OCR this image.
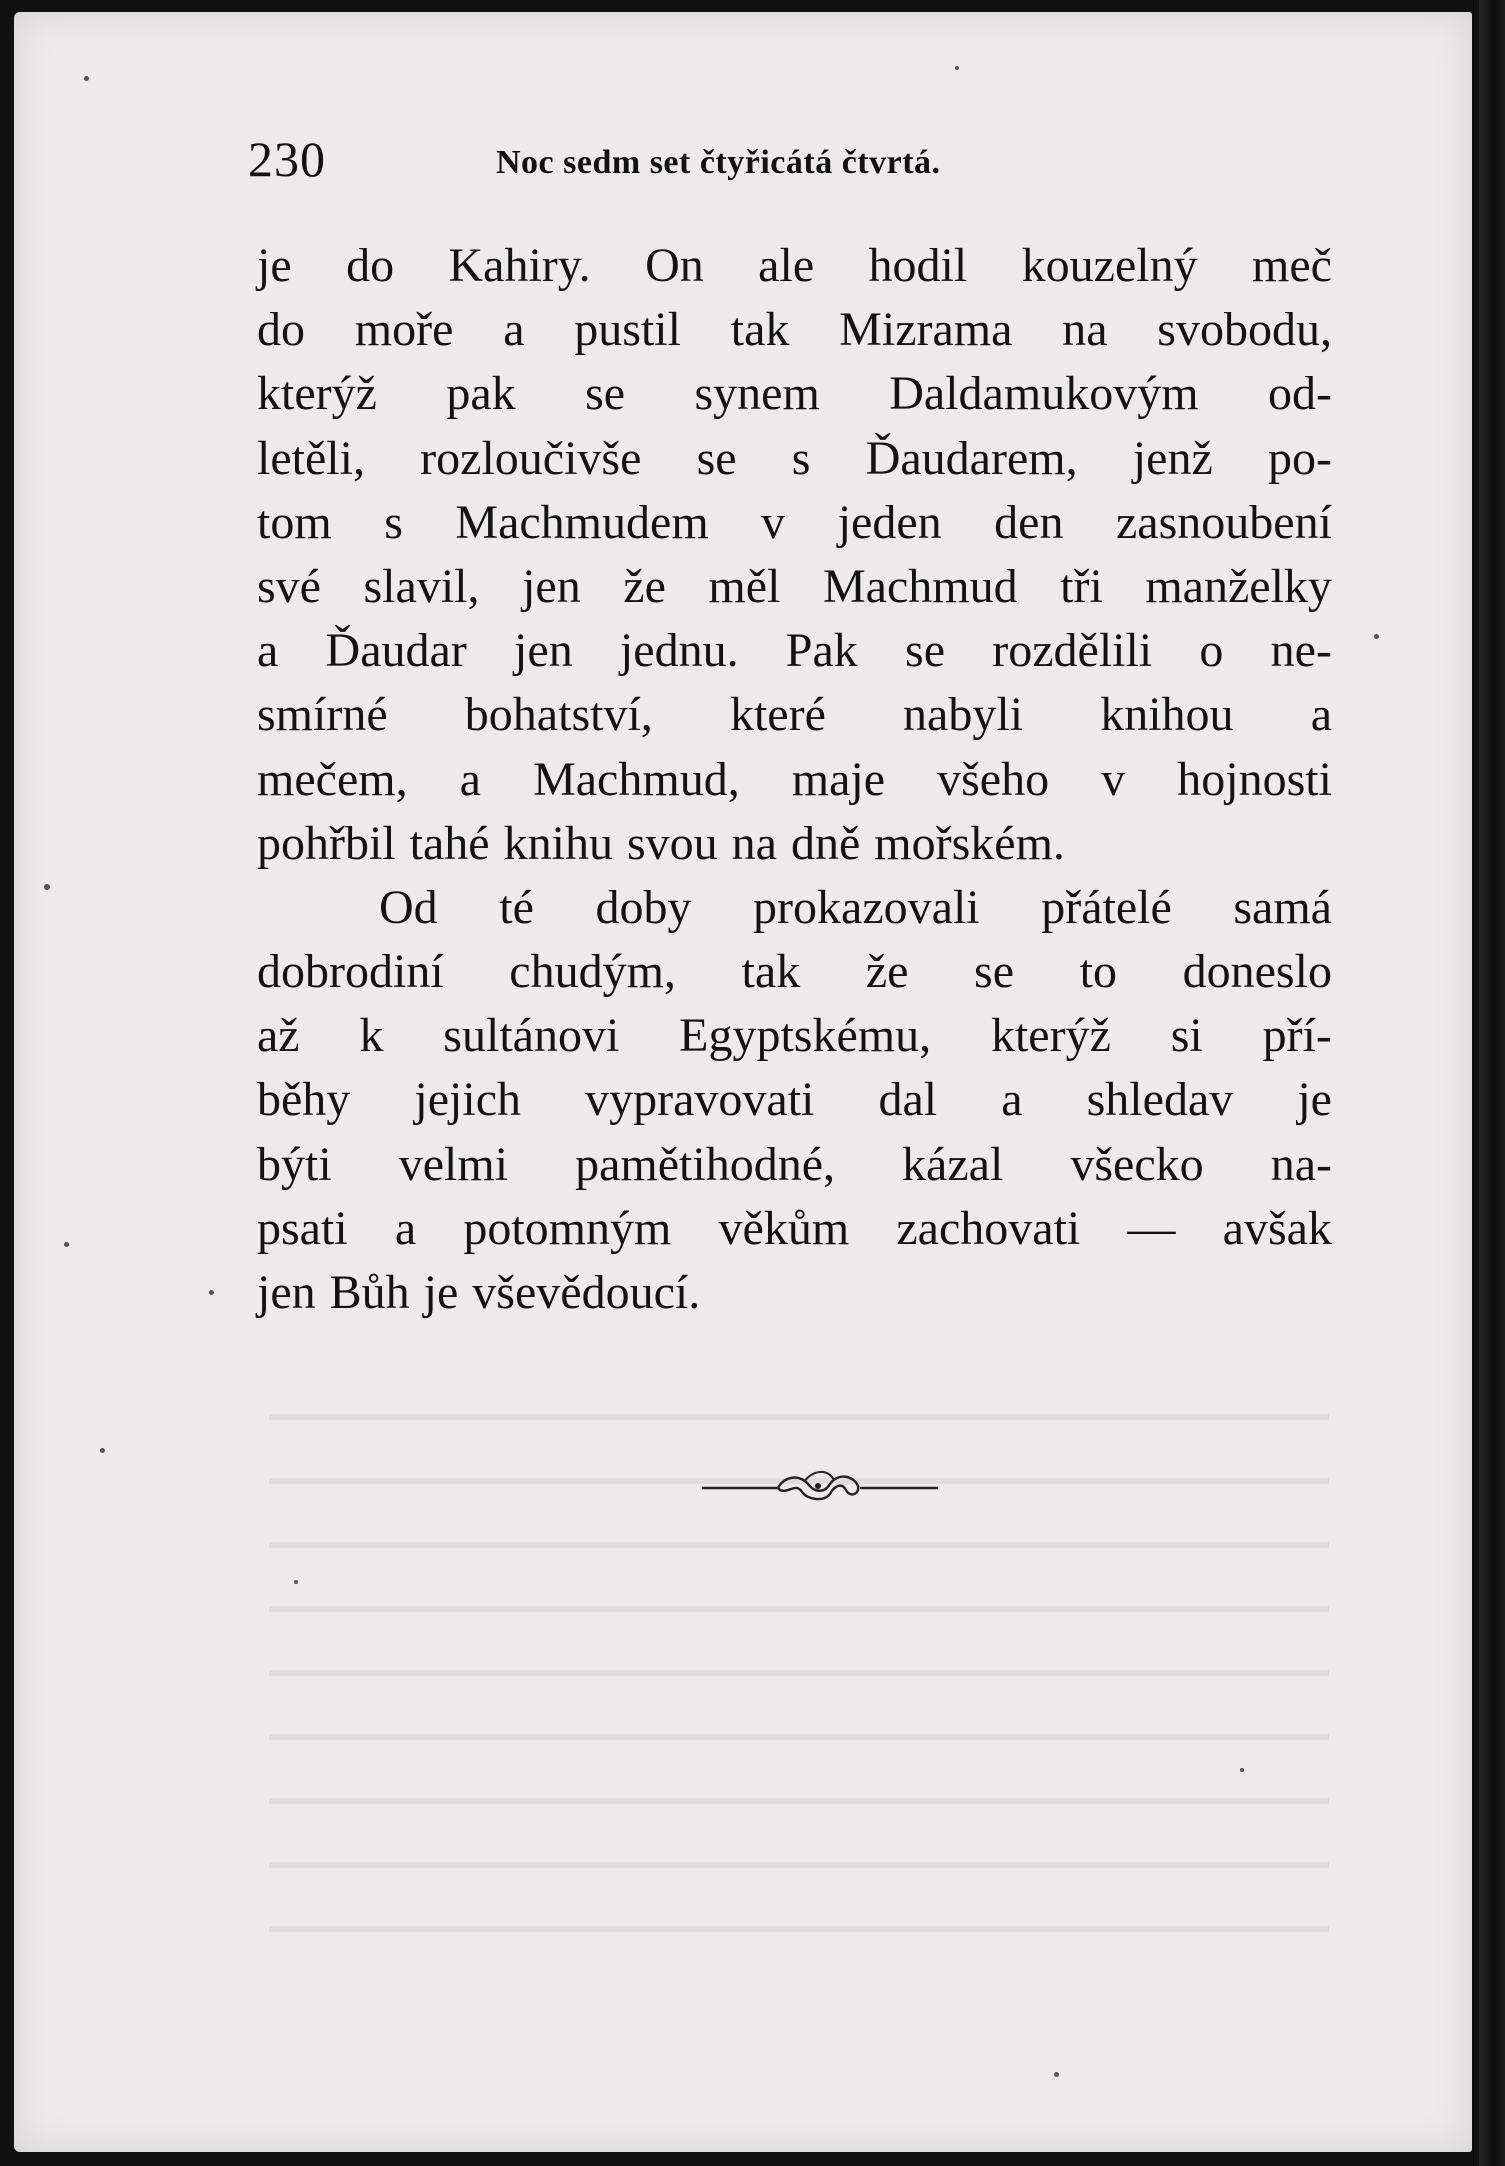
230	Noc sedm set čtyřicátá čtvrtá.
je do Kahiry. On ale hodil kouzelný meč
do moře a pustil tak Mizrama na svobodu,
kterýž pak se synem Daldamukovým od-
letěli, rozloučivše se s Ďaudarem, jenž po-
tom s Machmudem v jeden den zasnoubení
své slavil, jen že měl Machmud tři manželky
a Ďaudar jen jednu. Pak se rozdělili o ne-
smírné bohatství, které nabyli knihou a
mečem, a Machmud, maje všeho v hojnosti
pohřbil tahé knihu svou na dně mořském.
Od té doby prokazovali přátelé samá
dobrodiní chudým, tak že se to doneslo
až k sultánovi Egyptskému, kterýž si pří-
běhy jejich vypravovati dal a shledav je
býti velmi pamětihodné, kázal všecko na-
psati a potomným věkům zachovati — avšak
jen Bůh je vševědoucí.
